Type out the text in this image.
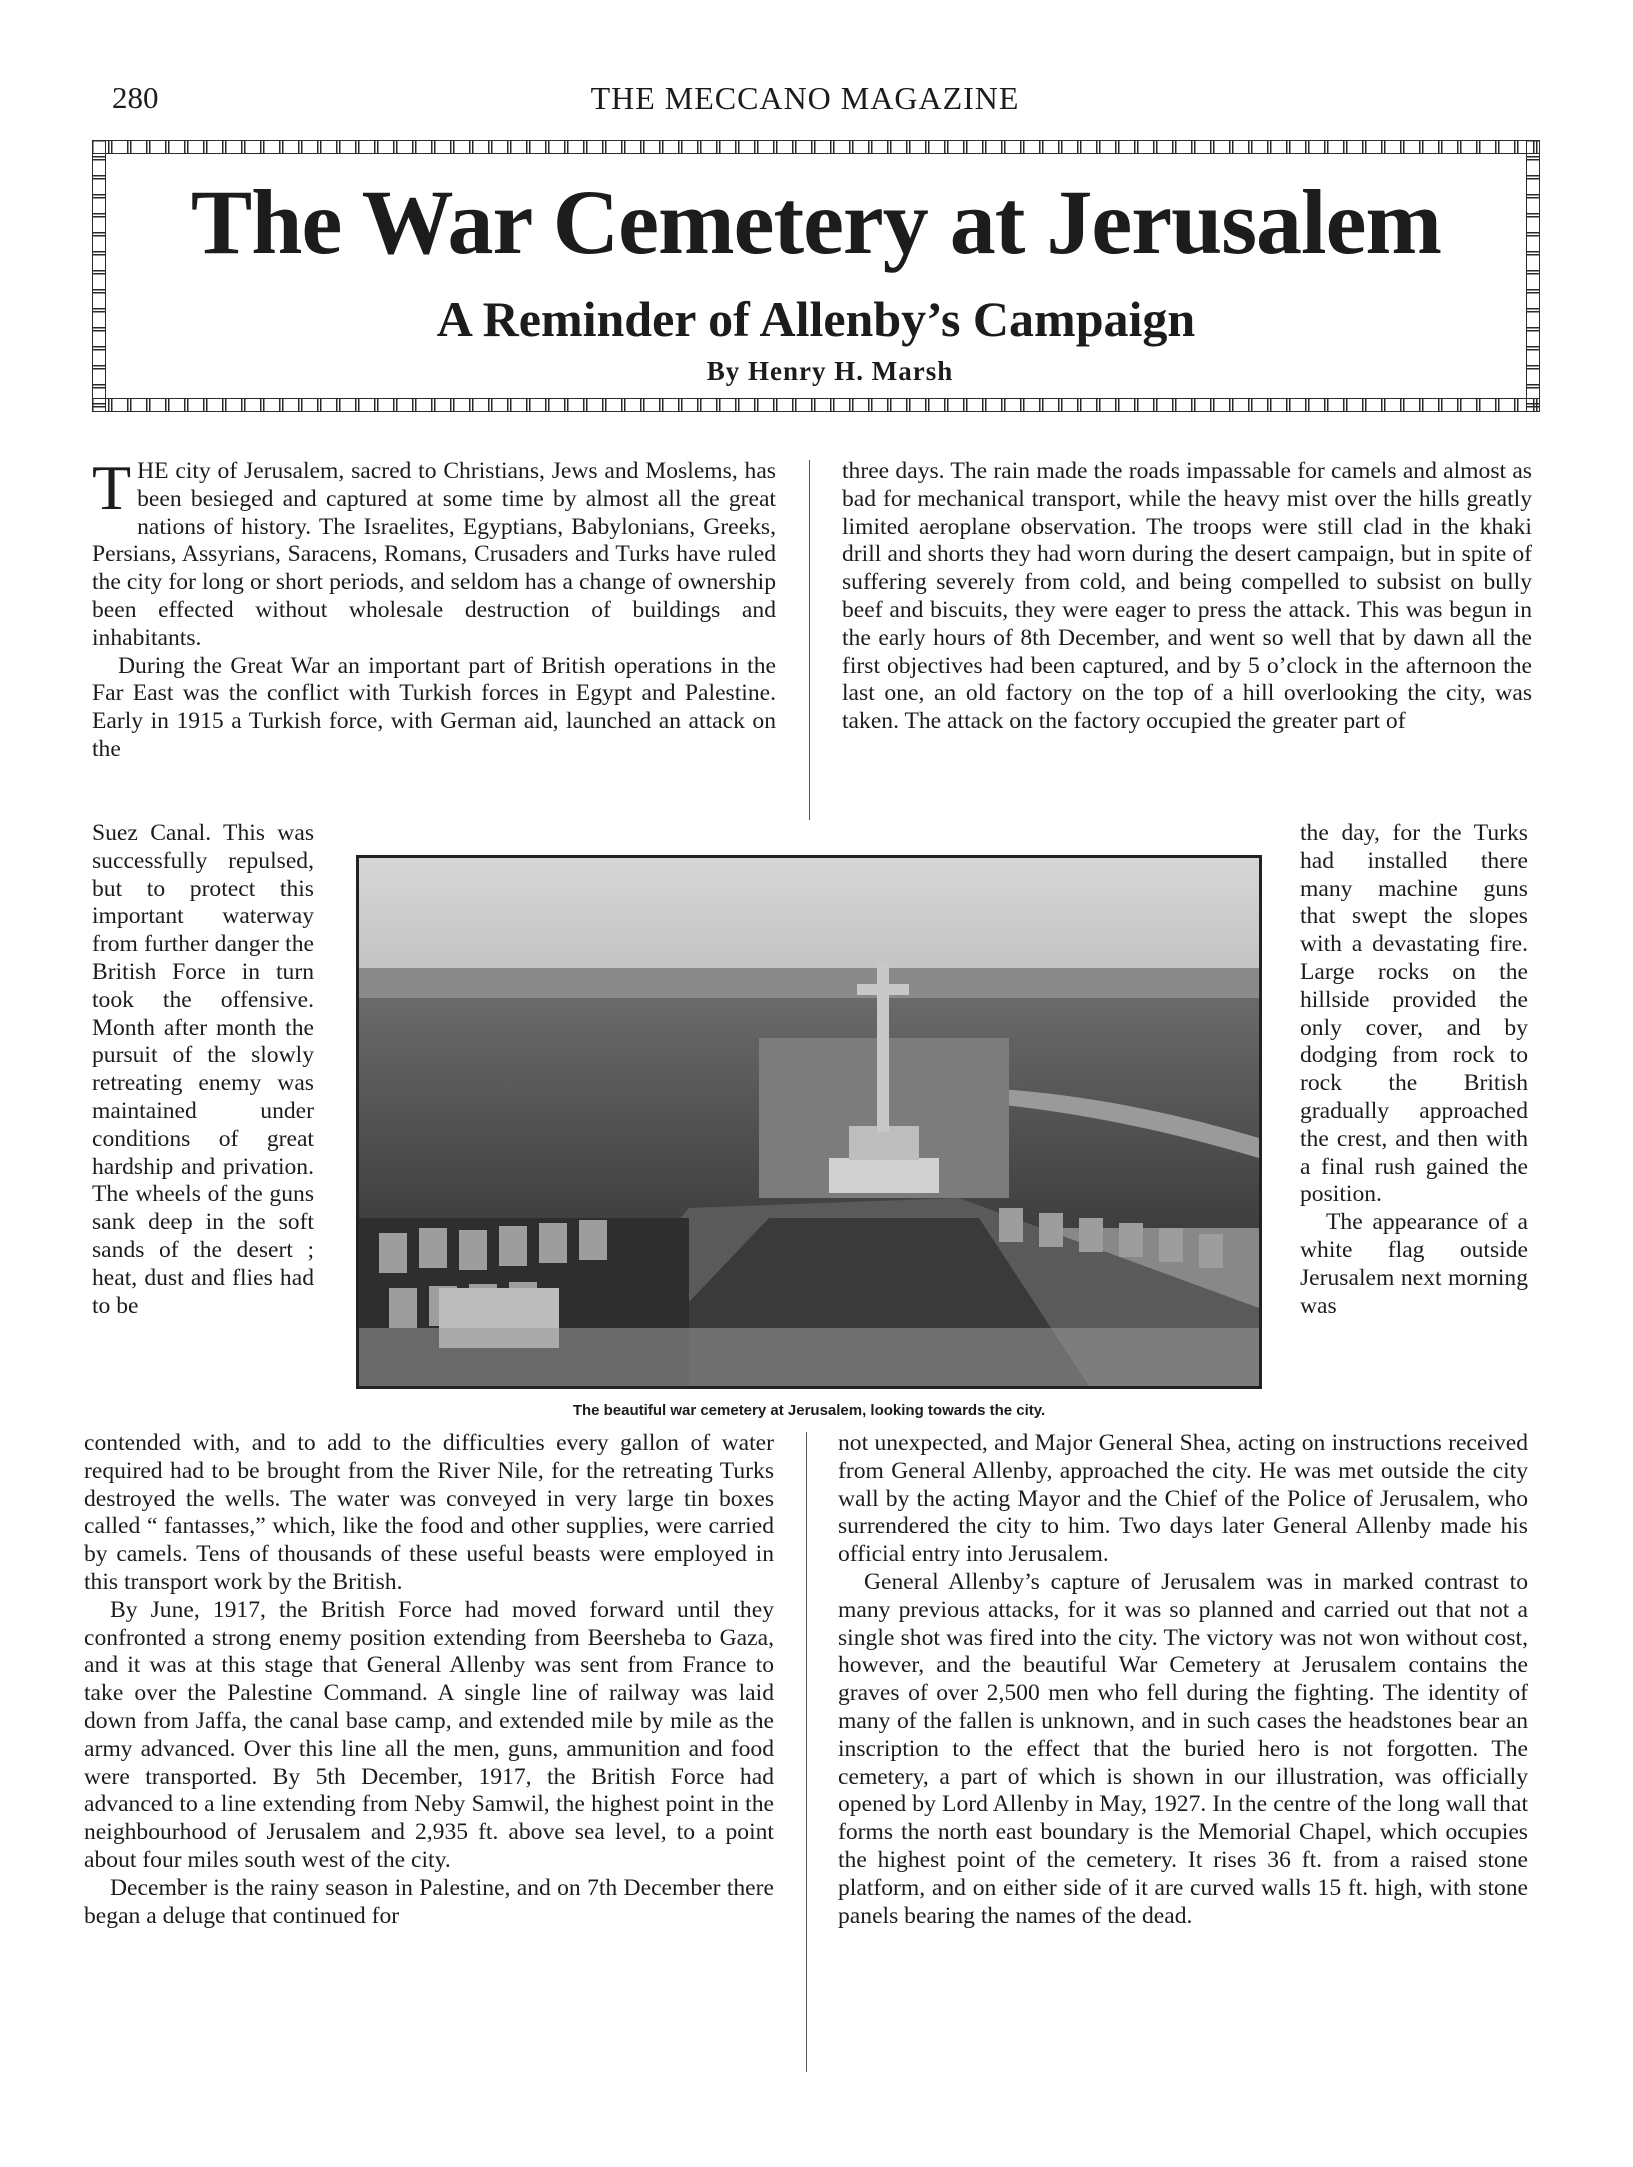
280	THE MECCANO MAGAZINE
The War Cemetery at Jerusalem
A Reminder of Allenby’s Campaign
By Henry H. Marsh

THE city of Jerusalem, sacred to Christians, Jews and Moslems, has been besieged and captured at some time by almost all the great nations of history. The Israelites, Egyptians, Babylonians, Greeks, Persians, Assyrians, Saracens, Romans, Crusaders and Turks have ruled the city for long or short periods, and seldom has a change of ownership been effected without wholesale destruction of buildings and inhabitants.

During the Great War an important part of British operations in the Far East was the conflict with Turkish forces in Egypt and Palestine. Early in 1915 a Turkish force, with German aid, launched an attack on the

Suez Canal. This was successfully repulsed, but to protect this important waterway from further danger the British Force in turn took the offensive. Month after month the pursuit of the slowly retreating enemy was maintained under conditions of great hardship and privation. The wheels of the guns sank deep in the soft sands of the desert ; heat, dust and flies had to be

three days. The rain made the roads impassable for camels and almost as bad for mechanical transport, while the heavy mist over the hills greatly limited aeroplane observation. The troops were still clad in the khaki drill and shorts they had worn during the desert campaign, but in spite of suffering severely from cold, and being compelled to subsist on bully beef and biscuits, they were eager to press the attack. This was begun in the early hours of 8th December, and went so well that by dawn all the first objectives had been captured, and by 5 o’clock in the afternoon the last one, an old factory on the top of a hill overlooking the city, was taken. The attack on the factory occupied the greater part of

the day, for the Turks had installed there many machine guns that swept the slopes with a devastating fire. Large rocks on the hillside provided the only cover, and by dodging from rock to rock the British gradually approached the crest, and then with a final rush gained the position.

The appearance of a white flag outside Jerusalem next morning was

The beautiful war cemetery at Jerusalem, looking towards the city.

contended with, and to add to the difficulties every gallon of water required had to be brought from the River Nile, for the retreating Turks destroyed the wells. The water was conveyed in very large tin boxes called “ fantasses,” which, like the food and other supplies, were carried by camels. Tens of thousands of these useful beasts were employed in this transport work by the British.

By June, 1917, the British Force had moved forward until they confronted a strong enemy position extending from Beersheba to Gaza, and it was at this stage that General Allenby was sent from France to take over the Palestine Command. A single line of railway was laid down from Jaffa, the canal base camp, and extended mile by mile as the army advanced. Over this line all the men, guns, ammunition and food were transported. By 5th December, 1917, the British Force had advanced to a line extending from Neby Samwil, the highest point in the neighbourhood of Jerusalem and 2,935 ft. above sea level, to a point about four miles south west of the city.

December is the rainy season in Palestine, and on 7th December there began a deluge that continued for

not unexpected, and Major General Shea, acting on instructions received from General Allenby, approached the city. He was met outside the city wall by the acting Mayor and the Chief of the Police of Jerusalem, who surrendered the city to him. Two days later General Allenby made his official entry into Jerusalem.

General Allenby’s capture of Jerusalem was in marked contrast to many previous attacks, for it was so planned and carried out that not a single shot was fired into the city. The victory was not won without cost, however, and the beautiful War Cemetery at Jerusalem contains the graves of over 2,500 men who fell during the fighting. The identity of many of the fallen is unknown, and in such cases the headstones bear an inscription to the effect that the buried hero is not forgotten. The cemetery, a part of which is shown in our illustration, was officially opened by Lord Allenby in May, 1927. In the centre of the long wall that forms the north east boundary is the Memorial Chapel, which occupies the highest point of the cemetery. It rises 36 ft. from a raised stone platform, and on either side of it are curved walls 15 ft. high, with stone panels bearing the names of the dead.
